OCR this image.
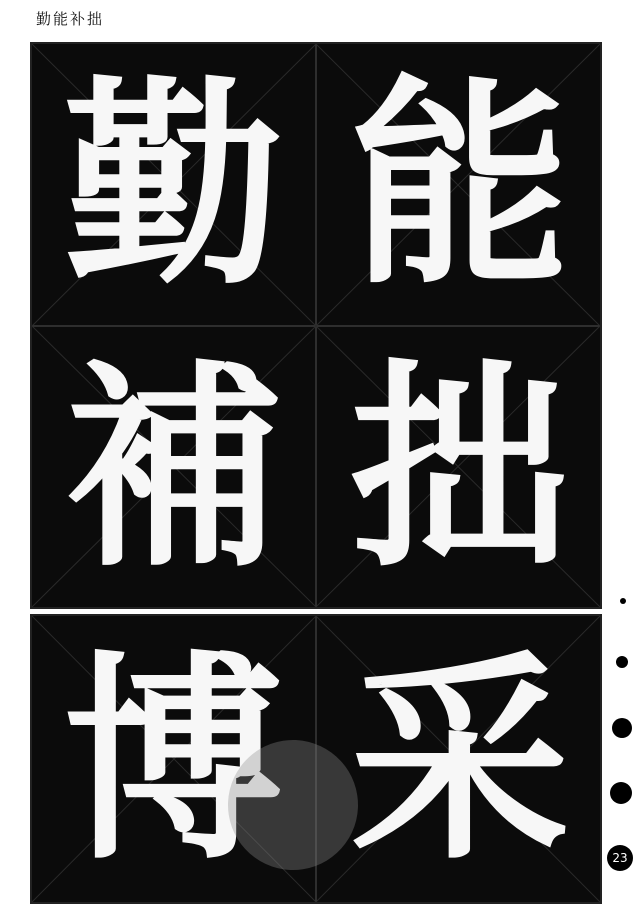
勤能补拙
勤 能
補 拙
博 采	23
